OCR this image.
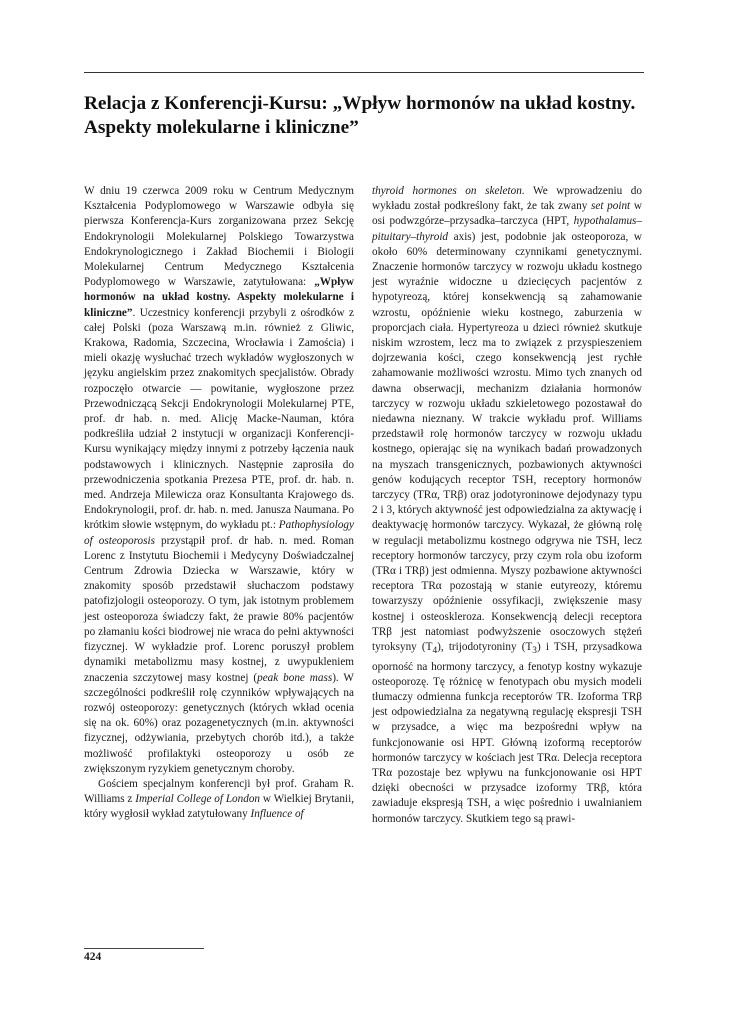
Relacja z Konferencji-Kursu: „Wpływ hormonów na układ kostny.
Aspekty molekularne i kliniczne”

W dniu 19 czerwca 2009 roku w Centrum Medycznym Kształcenia Podyplomowego w Warszawie odbyła się pierwsza Konferencja-Kurs zorganizowana przez Sekcję Endokrynologii Molekularnej Polskiego Towarzystwa Endokrynologicznego i Zakład Biochemii i Biologii Molekularnej Centrum Medycznego Kształcenia Podyplomowego w Warszawie, zatytułowana: „Wpływ hormonów na układ kostny. Aspekty molekularne i kliniczne”. Uczestnicy konferencji przybyli z ośrodków z całej Polski (poza Warszawą m.in. również z Gliwic, Krakowa, Radomia, Szczecina, Wrocławia i Zamościa) i mieli okazję wysłuchać trzech wykładów wygłoszonych w języku angielskim przez znakomitych specjalistów. Obrady rozpoczęło otwarcie — powitanie, wygłoszone przez Przewodniczącą Sekcji Endokrynologii Molekularnej PTE, prof. dr hab. n. med. Alicję Macke-Nauman, która podkreśliła udział 2 instytucji w organizacji Konferencji-Kursu wynikający między innymi z potrzeby łączenia nauk podstawowych i klinicznych. Następnie zaprosiła do przewodniczenia spotkania Prezesa PTE, prof. dr. hab. n. med. Andrzeja Milewicza oraz Konsultanta Krajowego ds. Endokrynologii, prof. dr. hab. n. med. Janusza Naumana. Po krótkim słowie wstępnym, do wykładu pt.: Pathophysiology of osteoporosis przystąpił prof. dr hab. n. med. Roman Lorenc z Instytutu Biochemii i Medycyny Doświadczalnej Centrum Zdrowia Dziecka w Warszawie, który w znakomity sposób przedstawił słuchaczom podstawy patofizjologii osteoporozy. O tym, jak istotnym problemem jest osteoporoza świadczy fakt, że prawie 80% pacjentów po złamaniu kości biodrowej nie wraca do pełni aktywności fizycznej. W wykładzie prof. Lorenc poruszył problem dynamiki metabolizmu masy kostnej, z uwypukleniem znaczenia szczytowej masy kostnej (peak bone mass). W szczególności podkreślił rolę czynników wpływających na rozwój osteoporozy: genetycznych (których wkład ocenia się na ok. 60%) oraz pozagenetycznych (m.in. aktywności fizycznej, odżywiania, przebytych chorób itd.), a także możliwość profilaktyki osteoporozy u osób ze zwiększonym ryzykiem genetycznym choroby.

Gościem specjalnym konferencji był prof. Graham R. Williams z Imperial College of London w Wielkiej Brytanii, który wygłosił wykład zatytułowany Influence of

thyroid hormones on skeleton. We wprowadzeniu do wykładu został podkreślony fakt, że tak zwany set point w osi podwzgórze–przysadka–tarczyca (HPT, hypothalamus–pituitary–thyroid axis) jest, podobnie jak osteoporoza, w około 60% determinowany czynnikami genetycznymi. Znaczenie hormonów tarczycy w rozwoju układu kostnego jest wyraźnie widoczne u dziecięcych pacjentów z hypotyreozą, której konsekwencją są zahamowanie wzrostu, opóźnienie wieku kostnego, zaburzenia w proporcjach ciała. Hypertyreoza u dzieci również skutkuje niskim wzrostem, lecz ma to związek z przyspieszeniem dojrzewania kości, czego konsekwencją jest rychłe zahamowanie możliwości wzrostu. Mimo tych znanych od dawna obserwacji, mechanizm działania hormonów tarczycy w rozwoju układu szkieletowego pozostawał do niedawna nieznany. W trakcie wykładu prof. Williams przedstawił rolę hormonów tarczycy w rozwoju układu kostnego, opierając się na wynikach badań prowadzonych na myszach transgenicznych, pozbawionych aktywności genów kodujących receptor TSH, receptory hormonów tarczycy (TRα, TRβ) oraz jodotyroninowe dejodynazy typu 2 i 3, których aktywność jest odpowiedzialna za aktywację i deaktywację hormonów tarczycy. Wykazał, że główną rolę w regulacji metabolizmu kostnego odgrywa nie TSH, lecz receptory hormonów tarczycy, przy czym rola obu izoform (TRα i TRβ) jest odmienna. Myszy pozbawione aktywności receptora TRα pozostają w stanie eutyreozy, któremu towarzyszy opóźnienie ossyfikacji, zwiększenie masy kostnej i osteosklerozа. Konsekwencją delecji receptora TRβ jest natomiast podwyższenie osoczowych stężeń tyroksyny $(T_4)$, trijodotyroniny $(T_3)$ i TSH, przysadkowa oporność na hormony tarczycy, a fenotyp kostny wykazuje osteoporozę. Tę różnicę w fenotypach obu mysich modeli tłumaczy odmienna funkcja receptorów TR. Izoforma TRβ jest odpowiedzialna za negatywną regulację ekspresji TSH w przysadce, a więc ma bezpośredni wpływ na funkcjonowanie osi HPT. Główną izoformą receptorów hormonów tarczycy w kościach jest TRα. Delecja receptora TRα pozostaje bez wpływu na funkcjonowanie osi HPT dzięki obecności w przysadce izoformy TRβ, która zawiaduje ekspresją TSH, a więc pośrednio i uwalnianiem hormonów tarczycy. Skutkiem tego są prawi-

424
